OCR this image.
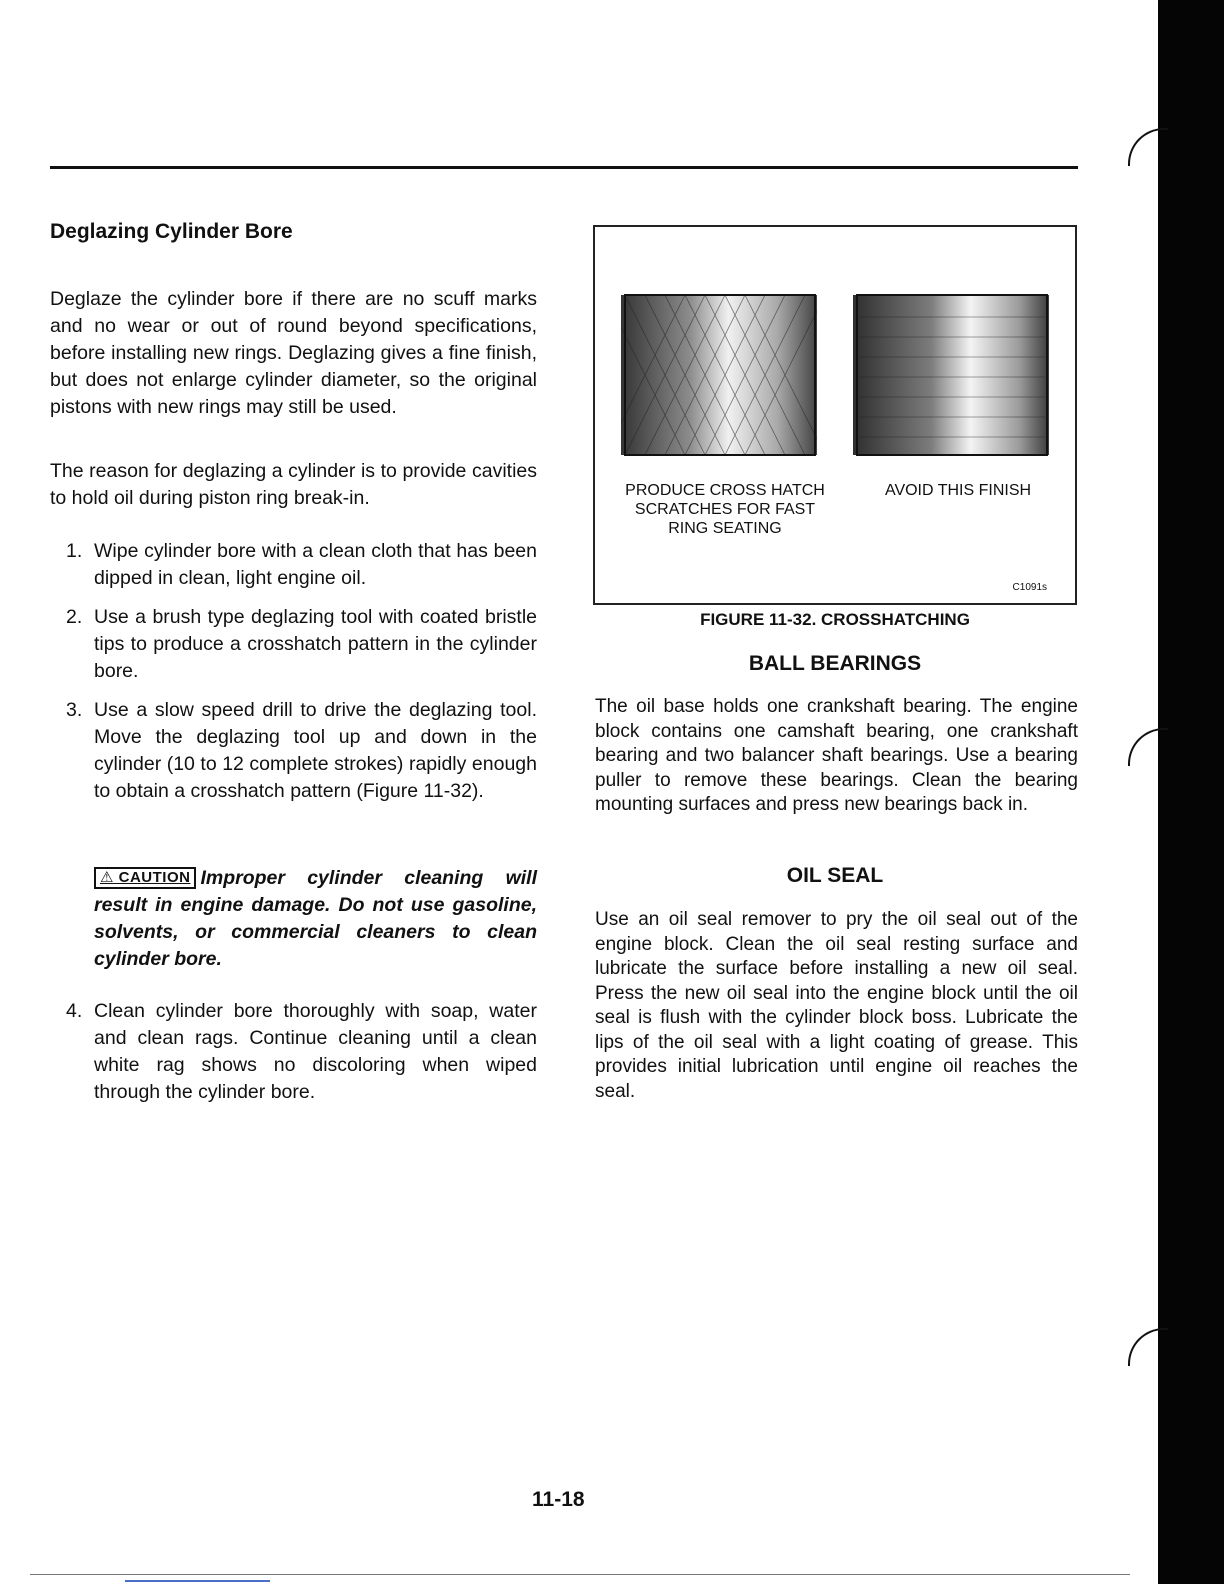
Deglazing Cylinder Bore

Deglaze the cylinder bore if there are no scuff marks and no wear or out of round beyond specifications, before installing new rings. Deglazing gives a fine finish, but does not enlarge cylinder diameter, so the original pistons with new rings may still be used.

The reason for deglazing a cylinder is to provide cavities to hold oil during piston ring break-in.

1. Wipe cylinder bore with a clean cloth that has been dipped in clean, light engine oil.
2. Use a brush type deglazing tool with coated bristle tips to produce a crosshatch pattern in the cylinder bore.
3. Use a slow speed drill to drive the deglazing tool. Move the deglazing tool up and down in the cylinder (10 to 12 complete strokes) rapidly enough to obtain a crosshatch pattern (Figure 11-32).

⚠ CAUTION Improper cylinder cleaning will result in engine damage. Do not use gasoline, solvents, or commercial cleaners to clean cylinder bore.

4. Clean cylinder bore thoroughly with soap, water and clean rags. Continue cleaning until a clean white rag shows no discoloring when wiped through the cylinder bore.

PRODUCE CROSS HATCH SCRATCHES FOR FAST RING SEATING

AVOID THIS FINISH

C1091s

FIGURE 11-32. CROSSHATCHING

BALL BEARINGS

The oil base holds one crankshaft bearing. The engine block contains one camshaft bearing, one crankshaft bearing and two balancer shaft bearings. Use a bearing puller to remove these bearings. Clean the bearing mounting surfaces and press new bearings back in.

OIL SEAL

Use an oil seal remover to pry the oil seal out of the engine block. Clean the oil seal resting surface and lubricate the surface before installing a new oil seal. Press the new oil seal into the engine block until the oil seal is flush with the cylinder block boss. Lubricate the lips of the oil seal with a light coating of grease. This provides initial lubrication until engine oil reaches the seal.

11-18
